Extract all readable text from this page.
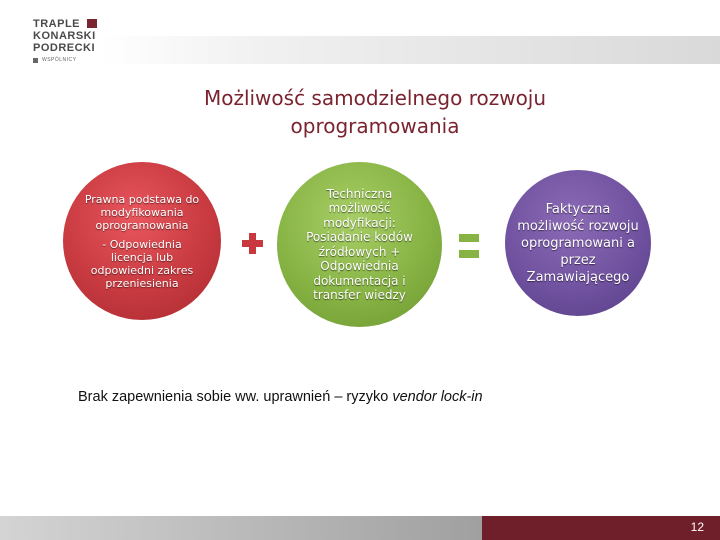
TRAPLE
KONARSKI
PODRECKI
WSPÓLNICY
Możliwość samodzielnego rozwoju
oprogramowania
Prawna podstawa do modyfikowania oprogramowania
- Odpowiednia licencja lub odpowiedni zakres przeniesienia
Techniczna możliwość modyfikacji: Posiadanie kodów źródłowych + Odpowiednia dokumentacja i transfer wiedzy
Faktyczna możliwość rozwoju oprogramowani a przez Zamawiającego
Brak zapewnienia sobie ww. uprawnień – ryzyko vendor lock-in
12
